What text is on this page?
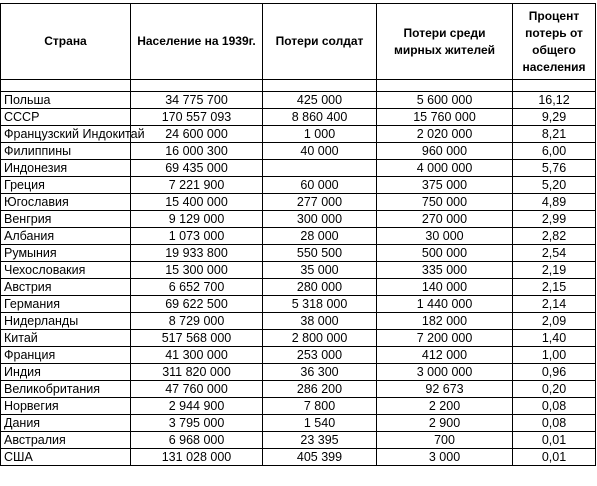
Страна	Население на 1939г.	Потери солдат	Потери среди мирных жителей	Процент потерь от общего населения

Польша	34 775 700	425 000	5 600 000	16,12
СССР	170 557 093	8 860 400	15 760 000	9,29
Французский Индокитай	24 600 000	1 000	2 020 000	8,21
Филиппины	16 000 300	40 000	960 000	6,00
Индонезия	69 435 000		4 000 000	5,76
Греция	7 221 900	60 000	375 000	5,20
Югославия	15 400 000	277 000	750 000	4,89
Венгрия	9 129 000	300 000	270 000	2,99
Албания	1 073 000	28 000	30 000	2,82
Румыния	19 933 800	550 500	500 000	2,54
Чехословакия	15 300 000	35 000	335 000	2,19
Австрия	6 652 700	280 000	140 000	2,15
Германия	69 622 500	5 318 000	1 440 000	2,14
Нидерланды	8 729 000	38 000	182 000	2,09
Китай	517 568 000	2 800 000	7 200 000	1,40
Франция	41 300 000	253 000	412 000	1,00
Индия	311 820 000	36 300	3 000 000	0,96
Великобритания	47 760 000	286 200	92 673	0,20
Норвегия	2 944 900	7 800	2 200	0,08
Дания	3 795 000	1 540	2 900	0,08
Австралия	6 968 000	23 395	700	0,01
США	131 028 000	405 399	3 000	0,01
